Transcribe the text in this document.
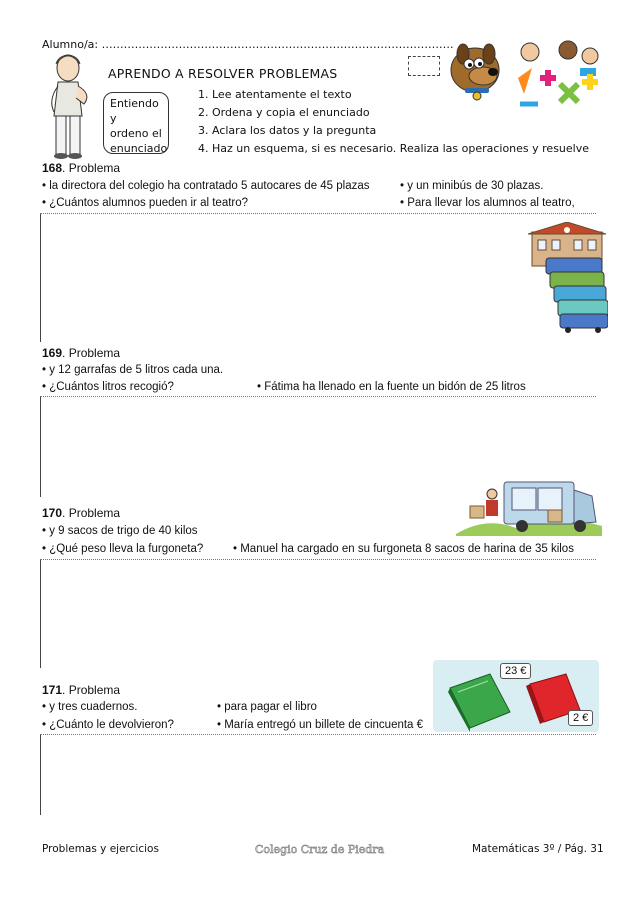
Alumno/a: ……………………………………………………………………………………
APRENDO A RESOLVER PROBLEMAS
Entiendo y
ordeno el
enunciado
1. Lee atentamente el texto
2. Ordena y copia el enunciado
3. Aclara los datos y la pregunta
4. Haz un esquema, si es necesario. Realiza las operaciones y resuelve
168. Problema
• la directora del colegio ha contratado 5 autocares de 45 plazas	• y un minibús de 30 plazas.
• ¿Cuántos alumnos pueden ir al teatro?	• Para llevar los alumnos al teatro,
169. Problema
• y 12 garrafas de 5 litros cada una.
• ¿Cuántos litros recogió?	• Fátima ha llenado en la fuente un bidón de 25 litros
170. Problema
• y 9 sacos de trigo de 40 kilos
• ¿Qué peso lleva la furgoneta?	• Manuel ha cargado en su furgoneta 8 sacos de harina de 35 kilos
23 €
2 €
171. Problema
• y tres cuadernos.	• para pagar el libro
• ¿Cuánto le devolvieron?	• María entregó un billete de cincuenta €
Problemas y ejercicios	Colegio Cruz de Piedra	Matemáticas 3º / Pág. 31
